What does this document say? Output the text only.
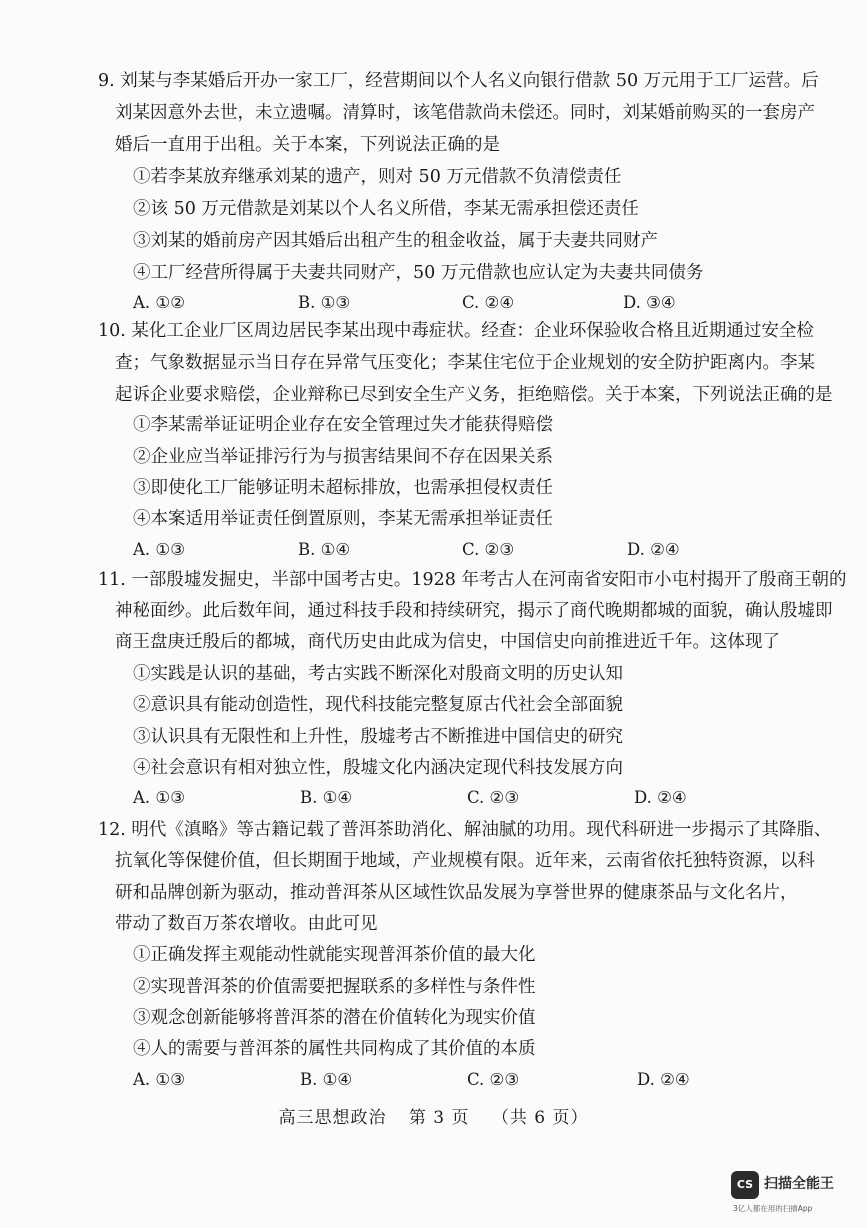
9. 刘某与李某婚后开办一家工厂，经营期间以个人名义向银行借款 50 万元用于工厂运营。后
刘某因意外去世，未立遗嘱。清算时，该笔借款尚未偿还。同时，刘某婚前购买的一套房产
婚后一直用于出租。关于本案，下列说法正确的是
①若李某放弃继承刘某的遗产，则对 50 万元借款不负清偿责任
②该 50 万元借款是刘某以个人名义所借，李某无需承担偿还责任
③刘某的婚前房产因其婚后出租产生的租金收益，属于夫妻共同财产
④工厂经营所得属于夫妻共同财产，50 万元借款也应认定为夫妻共同债务
A. ①②	B. ①③	C. ②④	D. ③④
10. 某化工企业厂区周边居民李某出现中毒症状。经查：企业环保验收合格且近期通过安全检
查；气象数据显示当日存在异常气压变化；李某住宅位于企业规划的安全防护距离内。李某
起诉企业要求赔偿，企业辩称已尽到安全生产义务，拒绝赔偿。关于本案，下列说法正确的是
①李某需举证证明企业存在安全管理过失才能获得赔偿
②企业应当举证排污行为与损害结果间不存在因果关系
③即使化工厂能够证明未超标排放，也需承担侵权责任
④本案适用举证责任倒置原则，李某无需承担举证责任
A. ①③	B. ①④	C. ②③	D. ②④
11. 一部殷墟发掘史，半部中国考古史。1928 年考古人在河南省安阳市小屯村揭开了殷商王朝的
神秘面纱。此后数年间，通过科技手段和持续研究，揭示了商代晚期都城的面貌，确认殷墟即
商王盘庚迁殷后的都城，商代历史由此成为信史，中国信史向前推进近千年。这体现了
①实践是认识的基础，考古实践不断深化对殷商文明的历史认知
②意识具有能动创造性，现代科技能完整复原古代社会全部面貌
③认识具有无限性和上升性，殷墟考古不断推进中国信史的研究
④社会意识有相对独立性，殷墟文化内涵决定现代科技发展方向
A. ①③	B. ①④	C. ②③	D. ②④
12. 明代《滇略》等古籍记载了普洱茶助消化、解油腻的功用。现代科研进一步揭示了其降脂、
抗氧化等保健价值，但长期囿于地域，产业规模有限。近年来，云南省依托独特资源，以科
研和品牌创新为驱动，推动普洱茶从区域性饮品发展为享誉世界的健康茶品与文化名片，
带动了数百万茶农增收。由此可见
①正确发挥主观能动性就能实现普洱茶价值的最大化
②实现普洱茶的价值需要把握联系的多样性与条件性
③观念创新能够将普洱茶的潜在价值转化为现实价值
④人的需要与普洱茶的属性共同构成了其价值的本质
A. ①③	B. ①④	C. ②③	D. ②④
高三思想政治 第 3 页 （共 6 页）
CS 扫描全能王
3亿人都在用的扫描App
